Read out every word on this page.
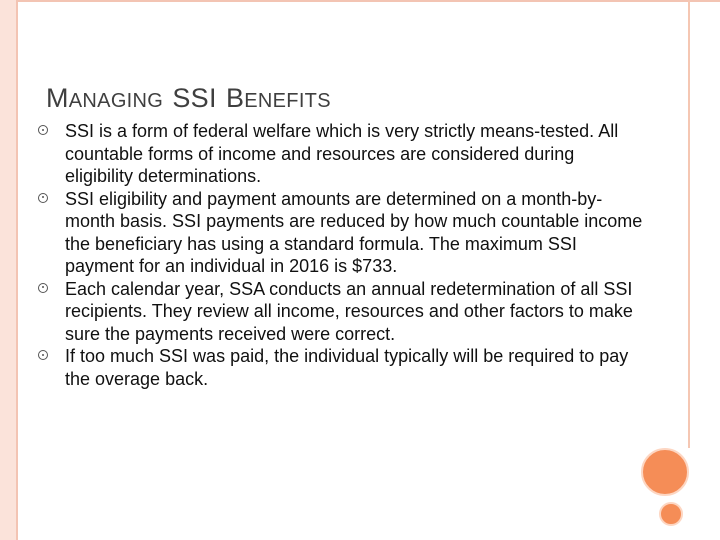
MANAGING SSI BENEFITS
SSI is a form of federal welfare which is very strictly means-tested. All countable forms of income and resources are considered during eligibility determinations.
SSI eligibility and payment amounts are determined on a month-by-month basis. SSI payments are reduced by how much countable income the beneficiary has using a standard formula. The maximum SSI payment for an individual in 2016 is $733.
Each calendar year, SSA conducts an annual redetermination of all SSI recipients. They review all income, resources and other factors to make sure the payments received were correct.
If too much SSI was paid, the individual typically will be required to pay the overage back.
